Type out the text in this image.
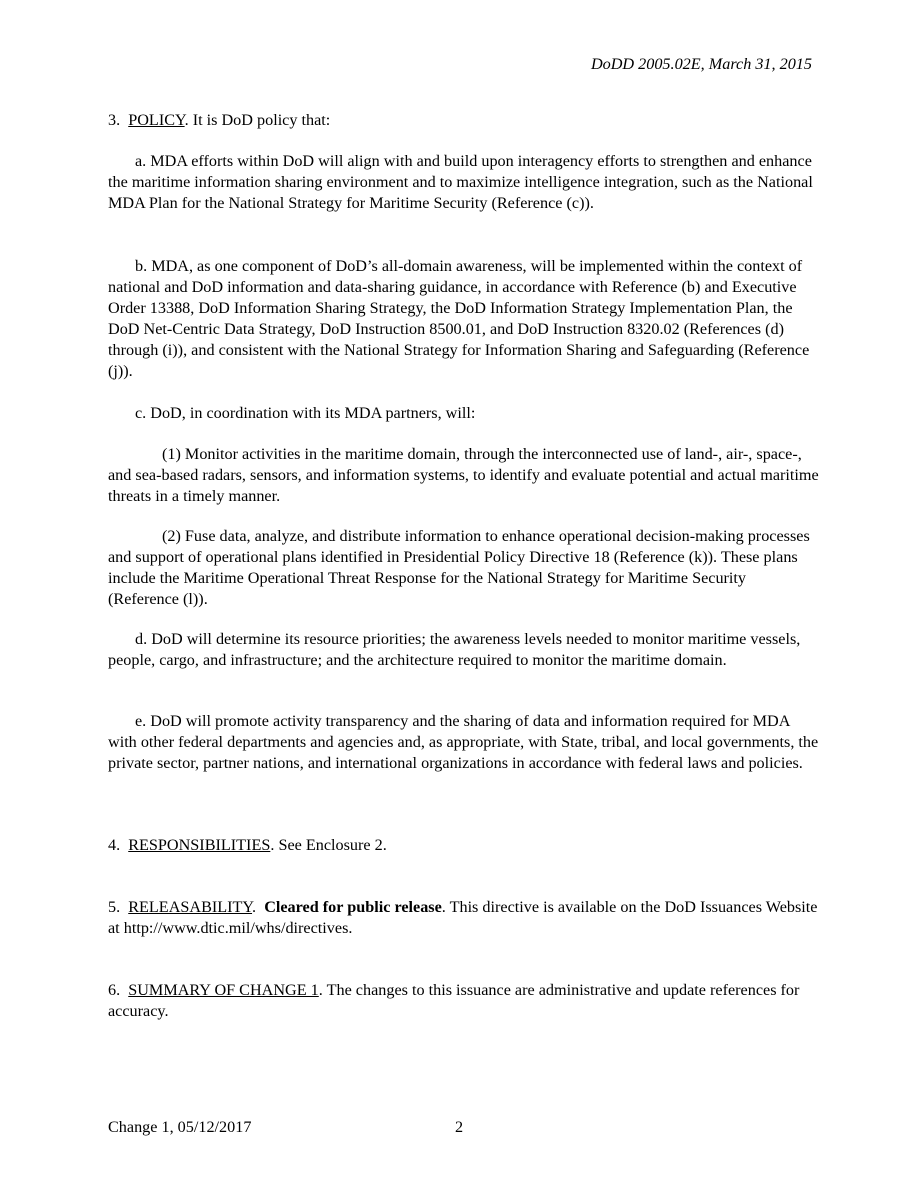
DoDD 2005.02E, March 31, 2015

3. POLICY. It is DoD policy that:

a. MDA efforts within DoD will align with and build upon interagency efforts to strengthen and enhance the maritime information sharing environment and to maximize intelligence integration, such as the National MDA Plan for the National Strategy for Maritime Security (Reference (c)).

b. MDA, as one component of DoD’s all-domain awareness, will be implemented within the context of national and DoD information and data-sharing guidance, in accordance with Reference (b) and Executive Order 13388, DoD Information Sharing Strategy, the DoD Information Strategy Implementation Plan, the DoD Net-Centric Data Strategy, DoD Instruction 8500.01, and DoD Instruction 8320.02 (References (d) through (i)), and consistent with the National Strategy for Information Sharing and Safeguarding (Reference (j)).

c. DoD, in coordination with its MDA partners, will:

(1) Monitor activities in the maritime domain, through the interconnected use of land-, air-, space-, and sea-based radars, sensors, and information systems, to identify and evaluate potential and actual maritime threats in a timely manner.

(2) Fuse data, analyze, and distribute information to enhance operational decision-making processes and support of operational plans identified in Presidential Policy Directive 18 (Reference (k)). These plans include the Maritime Operational Threat Response for the National Strategy for Maritime Security (Reference (l)).

d. DoD will determine its resource priorities; the awareness levels needed to monitor maritime vessels, people, cargo, and infrastructure; and the architecture required to monitor the maritime domain.

e. DoD will promote activity transparency and the sharing of data and information required for MDA with other federal departments and agencies and, as appropriate, with State, tribal, and local governments, the private sector, partner nations, and international organizations in accordance with federal laws and policies.

4. RESPONSIBILITIES. See Enclosure 2.

5. RELEASABILITY.  Cleared for public release. This directive is available on the DoD Issuances Website at http://www.dtic.mil/whs/directives.

6. SUMMARY OF CHANGE 1. The changes to this issuance are administrative and update references for accuracy.

Change 1, 05/12/2017	2
